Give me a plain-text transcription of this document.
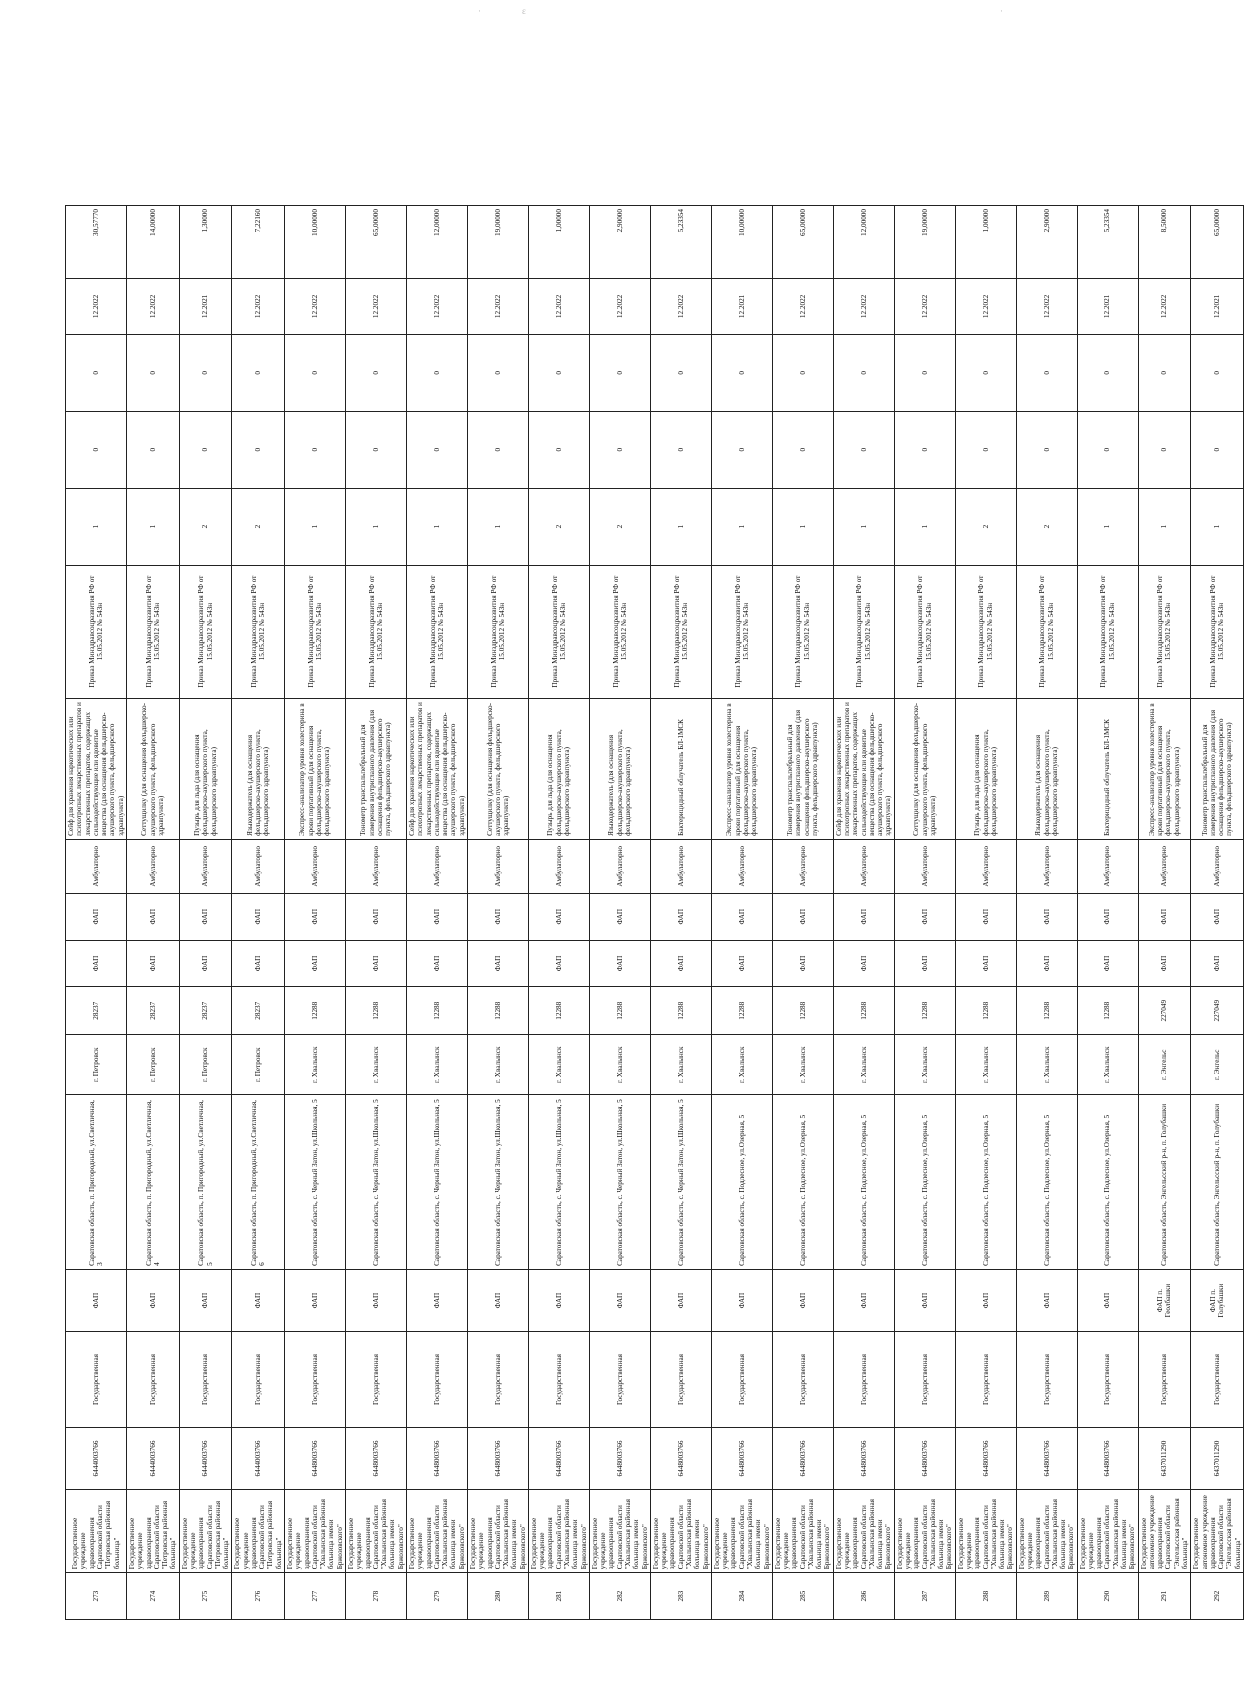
·	ε	·
273	Государственное учреждение здравоохранения Саратовской области "Петровская районная больница"	6444003766	Государственная	ФАП	Саратовская область, п. Пригородный, ул.Светличная, 3	г. Петровск	28237	ФАП	ФАП	Амбулаторно	Сейф для хранения наркотических или психотропных лекарственных препаратов и лекарственных препаратов, содержащих сильнодействующие или ядовитые вещества (для оснащения фельдшерско-акушерского пункта, фельдшерского здравпункта)	Приказ Минздравсоцразвития РФ от 15.05.2012 № 543н	1	0	0	12.2022	30,57770
274	Государственное учреждение здравоохранения Саратовской области "Петровская районная больница"	6444003766	Государственная	ФАП	Саратовская область, п. Пригородный, ул.Светличная, 4	г. Петровск	28237	ФАП	ФАП	Амбулаторно	Сеттущилку (для оснащения фельдшерско-акушерского пункта, фельдшерского здравпункта)	Приказ Минздравсоцразвития РФ от 15.05.2012 № 543н	1	0	0	12.2022	14,00000
275	Государственное учреждение здравоохранения Саратовской области "Петровская районная больница"	6444003766	Государственная	ФАП	Саратовская область, п. Пригородный, ул.Светличная, 5	г. Петровск	28237	ФАП	ФАП	Амбулаторно	Пузырь для льда (для оснащения фельдшерско-акушерского пункта, фельдшерского здравпункта)	Приказ Минздравсоцразвития РФ от 15.05.2012 № 543н	2	0	0	12.2021	1,30000
276	Государственное учреждение здравоохранения Саратовской области "Петровская районная больница"	6444003766	Государственная	ФАП	Саратовская область, п. Пригородный, ул.Светличная, 6	г. Петровск	28237	ФАП	ФАП	Амбулаторно	Языкодержатель (для оснащения фельдшерско-акушерского пункта, фельдшерского здравпункта)	Приказ Минздравсоцразвития РФ от 15.05.2012 № 543н	2	0	0	12.2022	7,22160
277	Государственное учреждение здравоохранения Саратовской области "Хвалынская районная больница имени Бржозовского"	6448003766	Государственная	ФАП	Саратовская область, с. Черный Затон, ул.Школьная, 5	г. Хвалынск	12288	ФАП	ФАП	Амбулаторно	Экспресс-анализатор уровня холестерина в крови портативный (для оснащения фельдшерско-акушерского пункта, фельдшерского здравпункта)	Приказ Минздравсоцразвития РФ от 15.05.2012 № 543н	1	0	0	12.2022	10,00000
278	Государственное учреждение здравоохранения Саратовской области "Хвалынская районная больница имени Бржозовского"	6448003766	Государственная	ФАП	Саратовская область, с. Черный Затон, ул.Школьная, 5	г. Хвалынск	12288	ФАП	ФАП	Амбулаторно	Тонометр транспальпебральный для измерения внутриглазного давления (для оснащения фельдшерско-акушерского пункта, фельдшерского здравпункта)	Приказ Минздравсоцразвития РФ от 15.05.2012 № 543н	1	0	0	12.2022	65,00000
279	Государственное учреждение здравоохранения Саратовской области "Хвалынская районная больница имени Бржозовского"	6448003766	Государственная	ФАП	Саратовская область, с. Черный Затон, ул.Школьная, 5	г. Хвалынск	12288	ФАП	ФАП	Амбулаторно	Сейф для хранения наркотических или психотропных лекарственных препаратов и лекарственных препаратов, содержащих сильнодействующие или ядовитые вещества (для оснащения фельдшерско-акушерского пункта, фельдшерского здравпункта)	Приказ Минздравсоцразвития РФ от 15.05.2012 № 543н	1	0	0	12.2022	12,00000
280	Государственное учреждение здравоохранения Саратовской области "Хвалынская районная больница имени Бржозовского"	6448003766	Государственная	ФАП	Саратовская область, с. Черный Затон, ул.Школьная, 5	г. Хвалынск	12288	ФАП	ФАП	Амбулаторно	Сеттущилку (для оснащения фельдшерско-акушерского пункта, фельдшерского здравпункта)	Приказ Минздравсоцразвития РФ от 15.05.2012 № 543н	1	0	0	12.2022	19,00000
281	Государственное учреждение здравоохранения Саратовской области "Хвалынская районная больница имени Бржозовского"	6448003766	Государственная	ФАП	Саратовская область, с. Черный Затон, ул.Школьная, 5	г. Хвалынск	12288	ФАП	ФАП	Амбулаторно	Пузырь для льда (для оснащения фельдшерско-акушерского пункта, фельдшерского здравпункта)	Приказ Минздравсоцразвития РФ от 15.05.2012 № 543н	2	0	0	12.2022	1,00000
282	Государственное учреждение здравоохранения Саратовской области "Хвалынская районная больница имени Бржозовского"	6448003766	Государственная	ФАП	Саратовская область, с. Черный Затон, ул.Школьная, 5	г. Хвалынск	12288	ФАП	ФАП	Амбулаторно	Языкодержатель (для оснащения фельдшерско-акушерского пункта, фельдшерского здравпункта)	Приказ Минздравсоцразвития РФ от 15.05.2012 № 543н	2	0	0	12.2022	2,90000
283	Государственное учреждение здравоохранения Саратовской области "Хвалынская районная больница имени Бржозовского"	6448003766	Государственная	ФАП	Саратовская область, с. Черный Затон, ул.Школьная, 5	г. Хвалынск	12288	ФАП	ФАП	Амбулаторно	Бактерицидный облучатель БЛ-1МСК	Приказ Минздравсоцразвития РФ от 15.05.2012 № 543н	1	0	0	12.2022	5,23354
284	Государственное учреждение здравоохранения Саратовской области "Хвалынская районная больница имени Бржозовского"	6448003766	Государственная	ФАП	Саратовская область, с. Подлесное, ул.Озерная, 5	г. Хвалынск	12288	ФАП	ФАП	Амбулаторно	Экспресс-анализатор уровня холестерина в крови портативный (для оснащения фельдшерско-акушерского пункта, фельдшерского здравпункта)	Приказ Минздравсоцразвития РФ от 15.05.2012 № 543н	1	0	0	12.2021	10,00000
285	Государственное учреждение здравоохранения Саратовской области "Хвалынская районная больница имени Бржозовского"	6448003766	Государственная	ФАП	Саратовская область, с. Подлесное, ул.Озерная, 5	г. Хвалынск	12288	ФАП	ФАП	Амбулаторно	Тонометр транспальпебральный для измерения внутриглазного давления (для оснащения фельдшерско-акушерского пункта, фельдшерского здравпункта)	Приказ Минздравсоцразвития РФ от 15.05.2012 № 543н	1	0	0	12.2022	65,00000
286	Государственное учреждение здравоохранения Саратовской области "Хвалынская районная больница имени Бржозовского"	6448003766	Государственная	ФАП	Саратовская область, с. Подлесное, ул.Озерная, 5	г. Хвалынск	12288	ФАП	ФАП	Амбулаторно	Сейф для хранения наркотических или психотропных лекарственных препаратов и лекарственных препаратов, содержащих сильнодействующие или ядовитые вещества (для оснащения фельдшерско-акушерского пункта, фельдшерского здравпункта)	Приказ Минздравсоцразвития РФ от 15.05.2012 № 543н	1	0	0	12.2022	12,00000
287	Государственное учреждение здравоохранения Саратовской области "Хвалынская районная больница имени Бржозовского"	6448003766	Государственная	ФАП	Саратовская область, с. Подлесное, ул.Озерная, 5	г. Хвалынск	12288	ФАП	ФАП	Амбулаторно	Сеттущилку (для оснащения фельдшерско-акушерского пункта, фельдшерского здравпункта)	Приказ Минздравсоцразвития РФ от 15.05.2012 № 543н	1	0	0	12.2022	19,00000
288	Государственное учреждение здравоохранения Саратовской области "Хвалынская районная больница имени Бржозовского"	6448003766	Государственная	ФАП	Саратовская область, с. Подлесное, ул.Озерная, 5	г. Хвалынск	12288	ФАП	ФАП	Амбулаторно	Пузырь для льда (для оснащения фельдшерско-акушерского пункта, фельдшерского здравпункта)	Приказ Минздравсоцразвития РФ от 15.05.2012 № 543н	2	0	0	12.2022	1,00000
289	Государственное учреждение здравоохранения Саратовской области "Хвалынская районная больница имени Бржозовского"	6448003766	Государственная	ФАП	Саратовская область, с. Подлесное, ул.Озерная, 5	г. Хвалынск	12288	ФАП	ФАП	Амбулаторно	Языкодержатель (для оснащения фельдшерско-акушерского пункта, фельдшерского здравпункта)	Приказ Минздравсоцразвития РФ от 15.05.2012 № 543н	2	0	0	12.2022	2,90000
290	Государственное учреждение здравоохранения Саратовской области "Хвалынская районная больница имени Бржозовского"	6448003766	Государственная	ФАП	Саратовская область, с. Подлесное, ул.Озерная, 5	г. Хвалынск	12288	ФАП	ФАП	Амбулаторно	Бактерицидный облучатель БЛ-1МСК	Приказ Минздравсоцразвития РФ от 15.05.2012 № 543н	1	0	0	12.2021	5,23354
291	Государственное автономное учреждение здравоохранения Саратовской области "Энгельсская районная больница"	6437011290	Государственная	ФАП п. Геолбашки	Саратовская область, Энгельсский р-н, п. Голубашки	г. Энгельс	227049	ФАП	ФАП	Амбулаторно	Экспресс-анализатор уровня холестерина в крови портативный (для оснащения фельдшерско-акушерского пункта, фельдшерского здравпункта)	Приказ Минздравсоцразвития РФ от 15.05.2012 № 543н	1	0	0	12.2022	8,50000
292	Государственное автономное учреждение здравоохранения Саратовской области "Энгельсская районная больница"	6437011290	Государственная	ФАП п. Голубашки	Саратовская область, Энгельсский р-н, п. Голубашки	г. Энгельс	227049	ФАП	ФАП	Амбулаторно	Тонометр транспальпебральный для измерения внутриглазного давления (для оснащения фельдшерско-акушерского пункта, фельдшерского здравпункта)	Приказ Минздравсоцразвития РФ от 15.05.2012 № 543н	1	0	0	12.2021	65,00000
